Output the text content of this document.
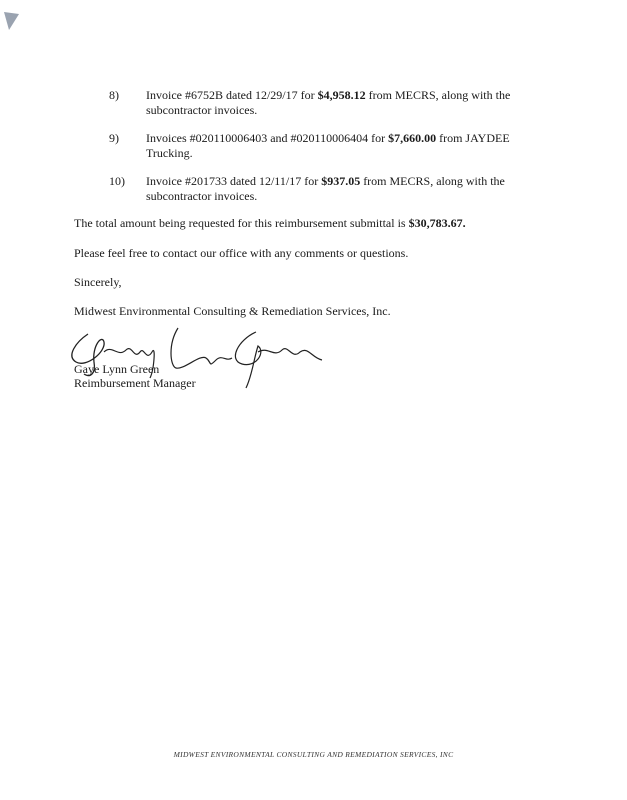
8)	Invoice #6752B dated 12/29/17 for $4,958.12 from MECRS, along with the subcontractor invoices.
9)	Invoices #020110006403 and #020110006404 for $7,660.00 from JAYDEE Trucking.
10)	Invoice #201733 dated 12/11/17 for $937.05 from MECRS, along with the subcontractor invoices.
The total amount being requested for this reimbursement submittal is $30,783.67.
Please feel free to contact our office with any comments or questions.
Sincerely,
Midwest Environmental Consulting & Remediation Services, Inc.
Gaye Lynn Green
Reimbursement Manager
MIDWEST ENVIRONMENTAL CONSULTING AND REMEDIATION SERVICES, INC
